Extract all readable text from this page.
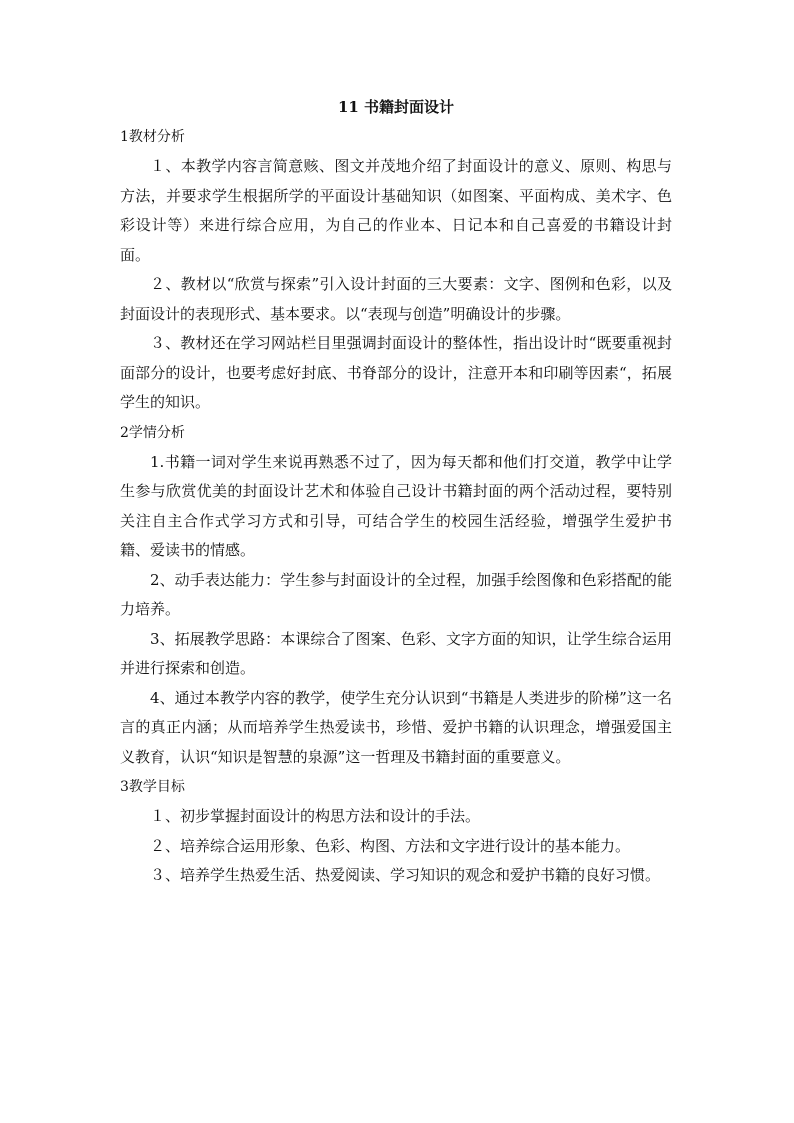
11 书籍封面设计
1教材分析

１、本教学内容言简意赅、图文并茂地介绍了封面设计的意义、原则、构思与方法，并要求学生根据所学的平面设计基础知识（如图案、平面构成、美术字、色彩设计等）来进行综合应用，为自己的作业本、日记本和自己喜爱的书籍设计封面。

２、教材以“欣赏与探索”引入设计封面的三大要素：文字、图例和色彩，以及封面设计的表现形式、基本要求。以“表现与创造”明确设计的步骤。

３、教材还在学习网站栏目里强调封面设计的整体性，指出设计时“既要重视封面部分的设计，也要考虑好封底、书脊部分的设计，注意开本和印刷等因素“，拓展学生的知识。

2学情分析

1.书籍一词对学生来说再熟悉不过了，因为每天都和他们打交道，教学中让学生参与欣赏优美的封面设计艺术和体验自己设计书籍封面的两个活动过程，要特别关注自主合作式学习方式和引导，可结合学生的校园生活经验，增强学生爱护书籍、爱读书的情感。

2、动手表达能力：学生参与封面设计的全过程，加强手绘图像和色彩搭配的能力培养。

3、拓展教学思路：本课综合了图案、色彩、文字方面的知识，让学生综合运用并进行探索和创造。

4、通过本教学内容的教学，使学生充分认识到“书籍是人类进步的阶梯”这一名言的真正内涵；从而培养学生热爱读书，珍惜、爱护书籍的认识理念，增强爱国主义教育，认识“知识是智慧的泉源”这一哲理及书籍封面的重要意义。

3教学目标

１、初步掌握封面设计的构思方法和设计的手法。

２、培养综合运用形象、色彩、构图、方法和文字进行设计的基本能力。

３、培养学生热爱生活、热爱阅读、学习知识的观念和爱护书籍的良好习惯。
